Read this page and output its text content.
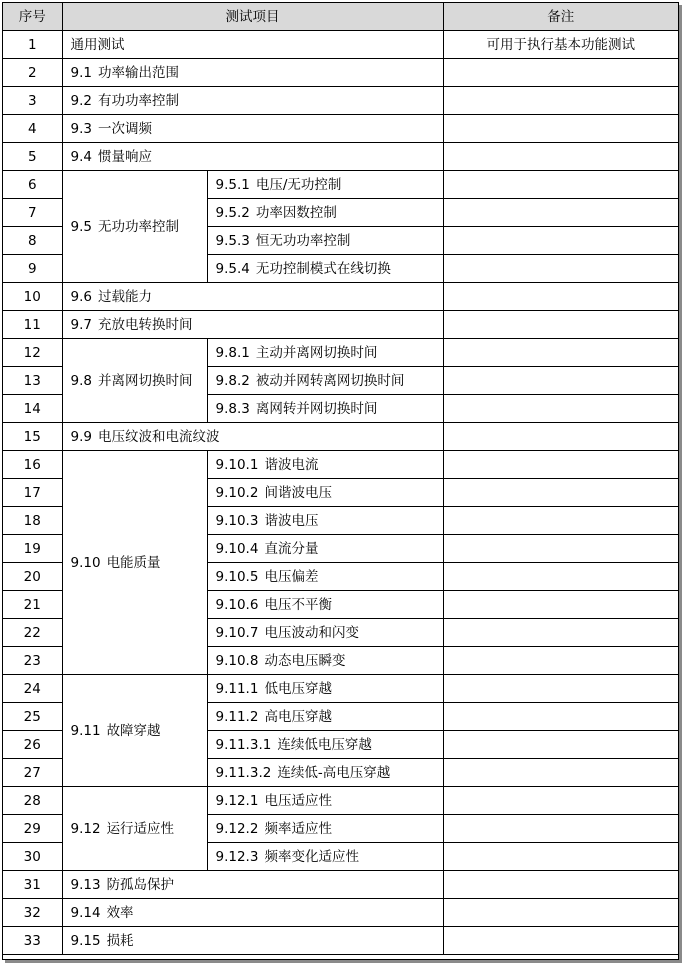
序号	测试项目		备注
1	通用测试		可用于执行基本功能测试
2	9.1 功率输出范围		
3	9.2 有功功率控制		
4	9.3 一次调频		
5	9.4 惯量响应		
6	9.5 无功功率控制	9.5.1 电压/无功控制	
7		9.5.2 功率因数控制	
8		9.5.3 恒无功功率控制	
9		9.5.4 无功控制模式在线切换	
10	9.6 过载能力		
11	9.7 充放电转换时间		
12	9.8 并离网切换时间	9.8.1 主动并离网切换时间	
13		9.8.2 被动并网转离网切换时间	
14		9.8.3 离网转并网切换时间	
15	9.9 电压纹波和电流纹波		
16	9.10 电能质量	9.10.1 谐波电流	
17		9.10.2 间谐波电压	
18		9.10.3 谐波电压	
19		9.10.4 直流分量	
20		9.10.5 电压偏差	
21		9.10.6 电压不平衡	
22		9.10.7 电压波动和闪变	
23		9.10.8 动态电压瞬变	
24	9.11 故障穿越	9.11.1 低电压穿越	
25		9.11.2 高电压穿越	
26		9.11.3.1 连续低电压穿越	
27		9.11.3.2 连续低-高电压穿越	
28	9.12 运行适应性	9.12.1 电压适应性	
29		9.12.2 频率适应性	
30		9.12.3 频率变化适应性	
31	9.13 防孤岛保护		
32	9.14 效率		
33	9.15 损耗		
